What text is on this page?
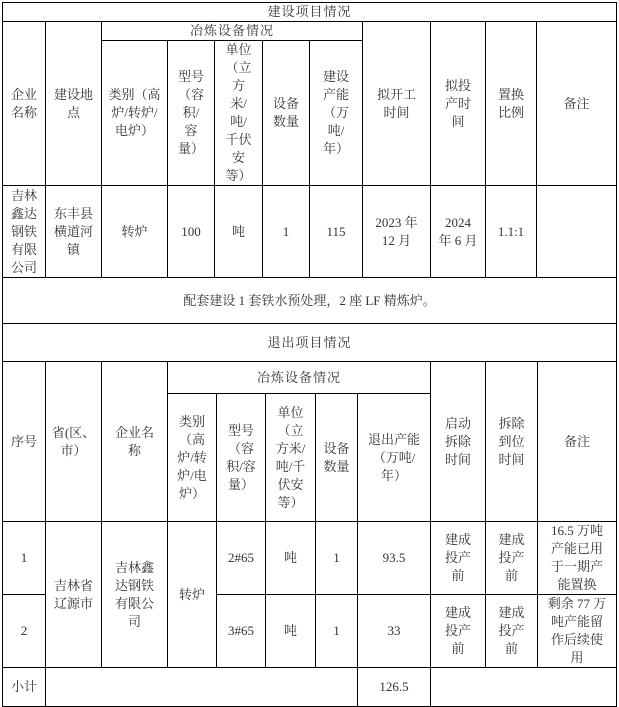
建设项目情况										

企业名称	建设地点	冶炼设备情况					拟开工时间	拟投产时间	置换比例	备注

		类别（高炉/转炉/电炉）	型号（容积/容量）	单位（立方米/吨/千伏安等）	设备数量	建设产能（万吨/年）				

吉林鑫达钢铁有限公司	东丰县横道河镇	转炉	100	吨	1	115	2023 年 12 月	2024 年 6 月	1.1:1	

配套建设 1 套铁水预处理，2 座 LF 精炼炉。										
退出项目情况										

序号	省(区、市）	企业名称	冶炼设备情况					启动拆除时间	拆除到位时间	备注

			类别（高炉/转炉/电炉）	型号（容积/容量）	单位（立方米/吨/千伏安等）	设备数量	退出产能（万吨/年）			

1	吉林省辽源市	吉林鑫达钢铁有限公司	转炉	2#65	吨	1	93.5	建成投产前	建成投产前	16.5 万吨产能已用于一期产能置换

2				3#65	吨	1	33	建成投产前	建成投产前	剩余 77 万吨产能留作后续使用

小计							126.5			
